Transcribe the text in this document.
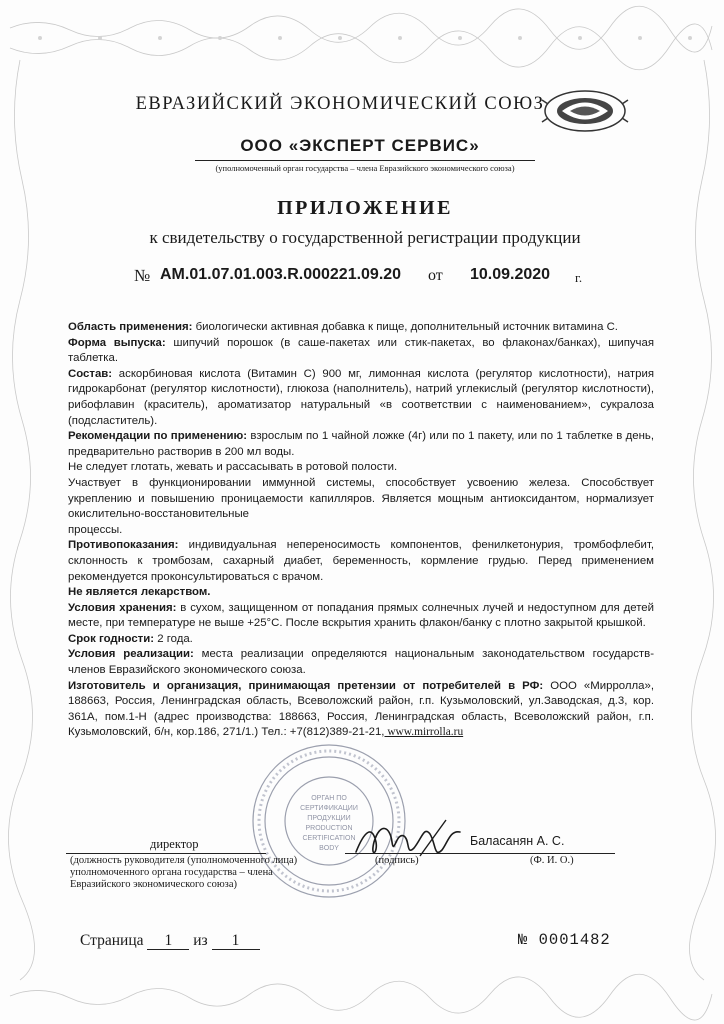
ЕВРАЗИЙСКИЙ ЭКОНОМИЧЕСКИЙ СОЮЗ
ООО «ЭКСПЕРТ СЕРВИС»
(уполномоченный орган государства – члена Евразийского экономического союза)
ПРИЛОЖЕНИЕ
к свидетельству о государственной регистрации продукции
№ AM.01.07.01.003.R.000221.09.20 от 10.09.2020 г.

Область применения: биологически активная добавка к пище, дополнительный источник витамина С.

Форма выпуска: шипучий порошок (в саше-пакетах или стик-пакетах, во флаконах/банках), шипучая таблетка.

Состав: аскорбиновая кислота (Витамин С) 900 мг, лимонная кислота (регулятор кислотности), натрия гидрокарбонат (регулятор кислотности), глюкоза (наполнитель), натрий углекислый (регулятор кислотности), рибофлавин (краситель), ароматизатор натуральный «в соответствии с наименованием», сукралоза (подсластитель).

Рекомендации по применению: взрослым по 1 чайной ложке (4г) или по 1 пакету, или по 1 таблетке в день, предварительно растворив в 200 мл воды.

Не следует глотать, жевать и рассасывать в ротовой полости.

Участвует в функционировании иммунной системы, способствует усвоению железа. Способствует укреплению и повышению проницаемости капилляров. Является мощным антиоксидантом, нормализует окислительно-восстановительные

процессы.

Противопоказания: индивидуальная непереносимость компонентов, фенилкетонурия, тромбофлебит, склонность к тромбозам, сахарный диабет, беременность, кормление грудью. Перед применением рекомендуется проконсультироваться с врачом.

Не является лекарством.

Условия хранения: в сухом, защищенном от попадания прямых солнечных лучей и недоступном для детей месте, при температуре не выше +25°С. После вскрытия хранить флакон/банку с плотно закрытой крышкой.

Срок годности: 2 года.

Условия реализации: места реализации определяются национальным законодательством государств-членов Евразийского экономического союза.

Изготовитель и организация, принимающая претензии от потребителей в РФ: ООО «Мирролла», 188663, Россия, Ленинградская область, Всеволожский район, г.п. Кузьмоловский, ул.Заводская, д.3, кор. 361А, пом.1-Н (адрес производства: 188663, Россия, Ленинградская область, Всеволожский район, г.п. Кузьмоловский, б/н, кор.186, 271/1.) Тел.: +7(812)389-21-21, www.mirrolla.ru

ОРГАН ПО
СЕРТИФИКАЦИИ
ПРОДУКЦИИ
PRODUCTION
CERTIFICATION
BODY
директор
(должность руководителя (уполномоченного лица) уполномоченного органа государства – члена Евразийского экономического союза)
(подпись)
Баласанян А. С.
(Ф. И. О.)
Страница 1 из 1	№ 0001482
